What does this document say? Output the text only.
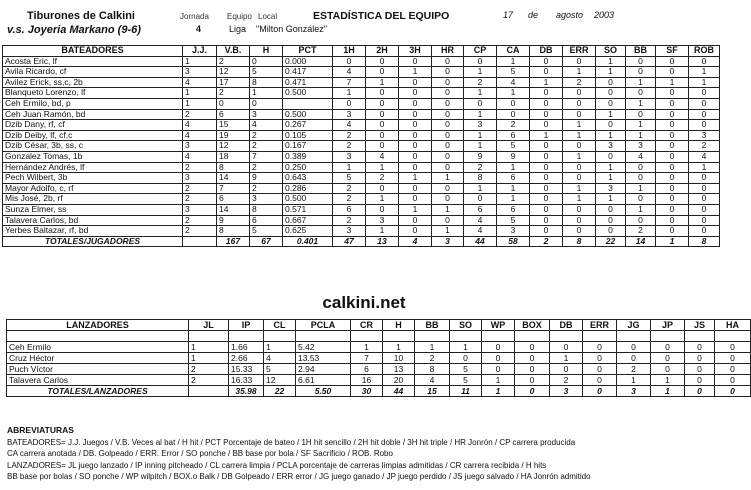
Tiburones de Calkini
v.s. Joyeria Markano (9-6)
Jornada
4
Equipo Local
Liga "Milton González"
ESTADÍSTICA DEL EQUIPO	17 de agosto 2003
BATEADORES	J.J.	V.B.	H	PCT	1H	2H	3H	HR	CP	CA	DB	ERR	SO	BB	SF	ROB
Acosta Eric, lf	1	2	0	0.000	0	0	0	0	0	1	0	0	1	0	0	0
Avila Ricardo, cf	3	12	5	0.417	4	0	1	0	1	5	0	1	1	0	0	1
Avilez Erick, ss,c, 2b	4	17	8	0.471	7	1	0	0	2	4	1	2	0	1	1	1
Blanqueto Lorenzo, lf	1	2	1	0.500	1	0	0	0	1	1	0	0	0	0	0	0
Ceh Ermilo, bd, p	1	0	0		0	0	0	0	0	0	0	0	0	1	0	0
Ceh Juan Ramón, bd	2	6	3	0.500	3	0	0	0	1	0	0	0	1	0	0	0
Dzib Dany, rf, cf	4	15	4	0.267	4	0	0	0	3	2	0	1	0	1	0	0
Dzib Deiby, lf, cf,c	4	19	2	0.105	2	0	0	0	1	6	1	1	1	1	0	3
Dzib César, 3b, ss, c	3	12	2	0.167	2	0	0	0	1	5	0	0	3	3	0	2
Gonzalez Tomas, 1b	4	18	7	0.389	3	4	0	0	9	9	0	1	0	4	0	4
Hernández Andrés, lf	2	8	2	0.250	1	1	0	0	2	1	0	0	1	0	0	1
Pech Wilbert, 3b	3	14	9	0.643	5	2	1	1	8	6	0	0	1	0	0	0
Mayor Adolfo, c, rf	2	7	2	0.286	2	0	0	0	1	1	0	1	3	1	0	0
Mis José, 2b, rf	2	6	3	0.500	2	1	0	0	0	1	0	1	1	0	0	0
Sunza Elmer, ss	3	14	8	0.571	6	0	1	1	6	6	0	0	0	1	0	0
Talavera Carlos, bd	2	9	6	0.667	2	3	0	0	4	5	0	0	0	0	0	0
Yerbes Baltazar, rf, bd	2	8	5	0.625	3	1	0	1	4	3	0	0	0	2	0	0
TOTALES/JUGADORES		167	67	0.401	47	13	4	3	44	58	2	8	22	14	1	8
calkini.net
LANZADORES	JL	IP	CL	PCLA	CR	H	BB	SO	WP	BOX	DB	ERR	JG	JP	JS	HA

Ceh Ermilo	1	1.66	1	5.42	1	1	1	1	0	0	0	0	0	0	0	0
Cruz Héctor	1	2.66	4	13.53	7	10	2	0	0	0	1	0	0	0	0	0
Puch Víctor	2	15.33	5	2.94	6	13	8	5	0	0	0	0	2	0	0	0
Talavera Carlos	2	16.33	12	6.61	16	20	4	5	1	0	2	0	1	1	0	0
TOTALES/LANZADORES		35.98	22	5.50	30	44	15	11	1	0	3	0	3	1	0	0
ABREVIATURAS
BATEADORES= J.J. Juegos / V.B. Veces al bat / H hit / PCT Porcentaje de bateo / 1H hit sencillo / 2H hit doble / 3H hit triple / HR Jonrón / CP carrera producida
CA carrera anotada / DB. Golpeado / ERR. Error / SO ponche / BB base por bola / SF Sacrificio / ROB. Robo
LANZADORES= JL juego lanzado / IP inning pitcheado / CL carrera limpia / PCLA porcentaje de carreras limpias admitidas / CR carrera recibida / H hits
BB base por bolas / SO ponche / WP wilpitch / BOX.o Balk / DB Golpeado / ERR error / JG juego ganado / JP juego perdido / JS juego salvado / HA Jonrón admitido
